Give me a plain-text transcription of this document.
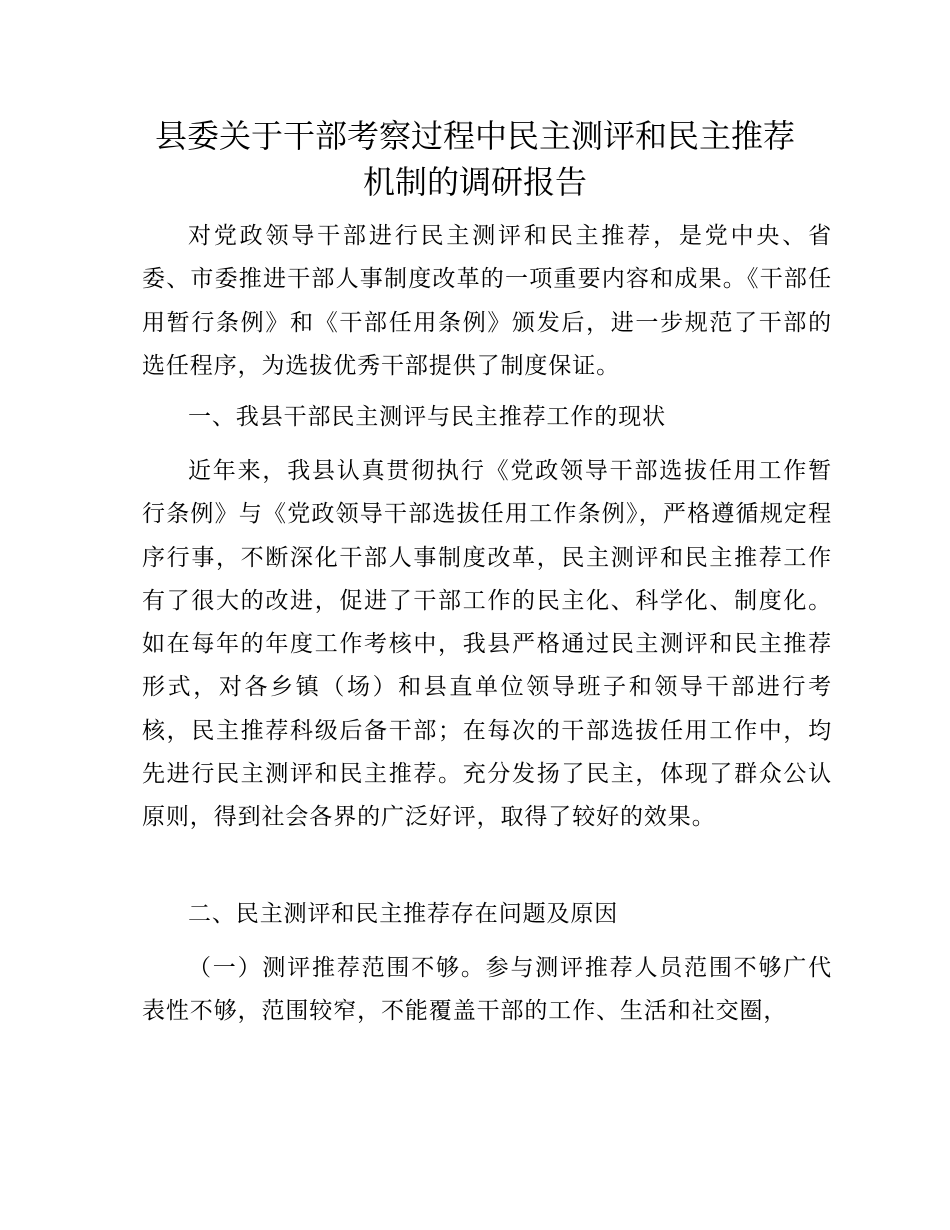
县委关于干部考察过程中民主测评和民主推荐
机制的调研报告

对党政领导干部进行民主测评和民主推荐，是党中央、省委、市委推进干部人事制度改革的一项重要内容和成果。《干部任用暂行条例》和《干部任用条例》颁发后，进一步规范了干部的选任程序，为选拔优秀干部提供了制度保证。

一、我县干部民主测评与民主推荐工作的现状

近年来，我县认真贯彻执行《党政领导干部选拔任用工作暂行条例》与《党政领导干部选拔任用工作条例》，严格遵循规定程序行事，不断深化干部人事制度改革，民主测评和民主推荐工作有了很大的改进，促进了干部工作的民主化、科学化、制度化。如在每年的年度工作考核中，我县严格通过民主测评和民主推荐形式，对各乡镇（场）和县直单位领导班子和领导干部进行考核，民主推荐科级后备干部；在每次的干部选拔任用工作中，均先进行民主测评和民主推荐。充分发扬了民主，体现了群众公认原则，得到社会各界的广泛好评，取得了较好的效果。

二、民主测评和民主推荐存在问题及原因

（一）测评推荐范围不够。参与测评推荐人员范围不够广代表性不够，范围较窄，不能覆盖干部的工作、生活和社交圈，
